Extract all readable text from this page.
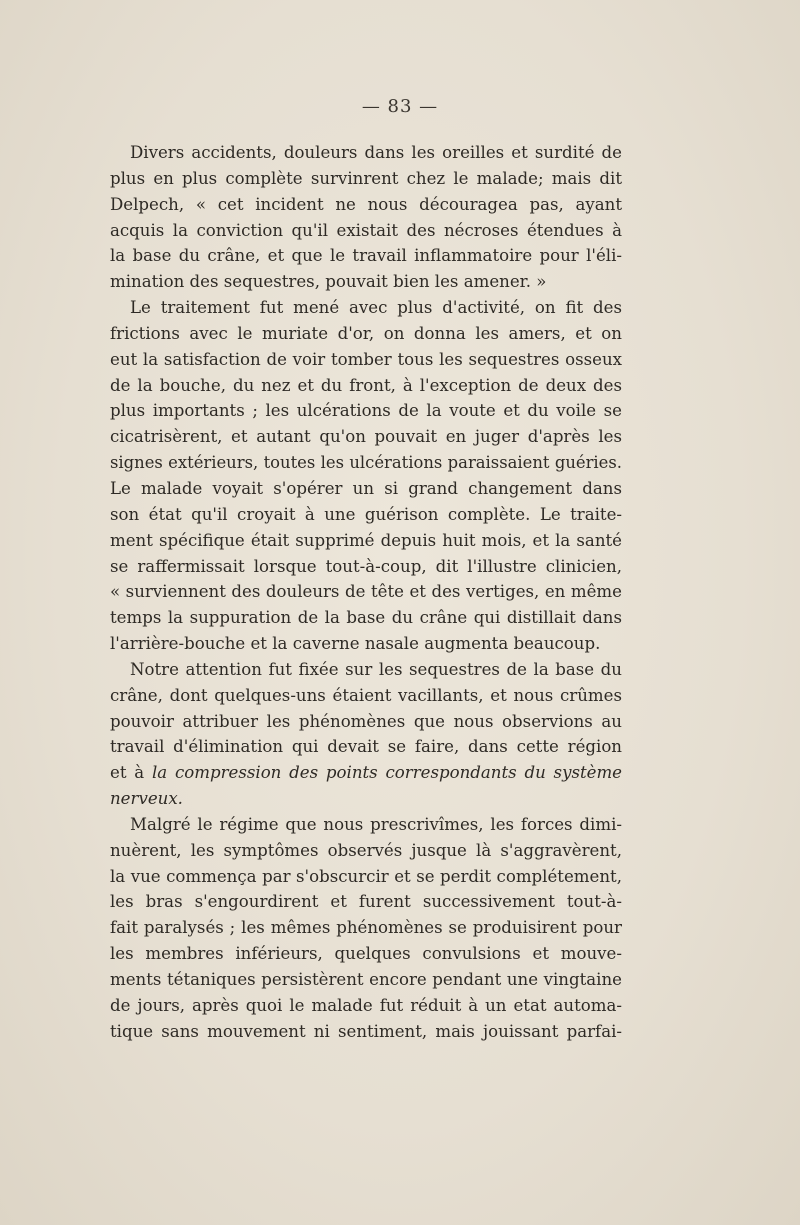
— 83 —
Divers accidents, douleurs dans les oreilles et surdité de
plus en plus complète survinrent chez le malade; mais dit
Delpech, « cet incident ne nous découragea pas, ayant
acquis la conviction qu'il existait des nécroses étendues à
la base du crâne, et que le travail inflammatoire pour l'éli-
mination des sequestres, pouvait bien les amener. »
Le traitement fut mené avec plus d'activité, on fit des
frictions avec le muriate d'or, on donna les amers, et on
eut la satisfaction de voir tomber tous les sequestres osseux
de la bouche, du nez et du front, à l'exception de deux des
plus importants ; les ulcérations de la voute et du voile se
cicatrisèrent, et autant qu'on pouvait en juger d'après les
signes extérieurs, toutes les ulcérations paraissaient guéries.
Le malade voyait s'opérer un si grand changement dans
son état qu'il croyait à une guérison complète. Le traite-
ment spécifique était supprimé depuis huit mois, et la santé
se raffermissait lorsque tout-à-coup, dit l'illustre clinicien,
« surviennent des douleurs de tête et des vertiges, en même
temps la suppuration de la base du crâne qui distillait dans
l'arrière-bouche et la caverne nasale augmenta beaucoup.
Notre attention fut fixée sur les sequestres de la base du
crâne, dont quelques-uns étaient vacillants, et nous crûmes
pouvoir attribuer les phénomènes que nous observions au
travail d'élimination qui devait se faire, dans cette région
et à la compression des points correspondants du système
nerveux.
Malgré le régime que nous prescrivîmes, les forces dimi-
nuèrent, les symptômes observés jusque là s'aggravèrent,
la vue commença par s'obscurcir et se perdit complétement,
les bras s'engourdirent et furent successivement tout-à-
fait paralysés ; les mêmes phénomènes se produisirent pour
les membres inférieurs, quelques convulsions et mouve-
ments tétaniques persistèrent encore pendant une vingtaine
de jours, après quoi le malade fut réduit à un etat automa-
tique sans mouvement ni sentiment, mais jouissant parfai-
